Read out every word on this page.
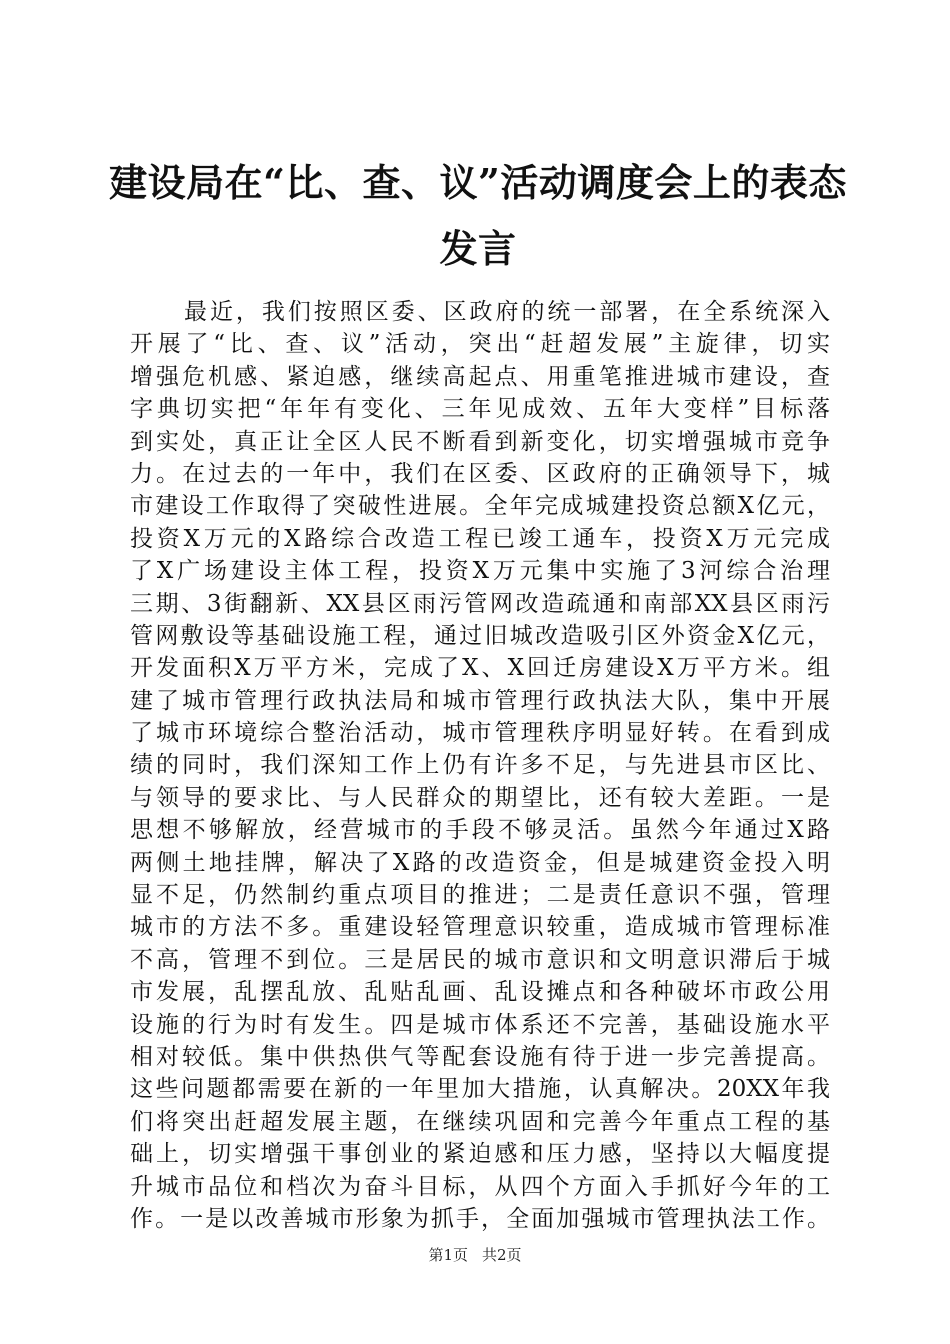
建设局在“比、查、议”活动调度会上的表态
发言
最近，我们按照区委、区政府的统一部署，在全系统深入
开展了“比、查、议”活动，突出“赶超发展”主旋律，切实
增强危机感、紧迫感，继续高起点、用重笔推进城市建设，查
字典切实把“年年有变化、三年见成效、五年大变样”目标落
到实处，真正让全区人民不断看到新变化，切实增强城市竞争
力。在过去的一年中，我们在区委、区政府的正确领导下，城
市建设工作取得了突破性进展。全年完成城建投资总额X亿元，
投资X万元的X路综合改造工程已竣工通车，投资X万元完成
了X广场建设主体工程，投资X万元集中实施了3河综合治理
三期、3街翻新、XX县区雨污管网改造疏通和南部XX县区雨污
管网敷设等基础设施工程，通过旧城改造吸引区外资金X亿元，
开发面积X万平方米，完成了X、X回迁房建设X万平方米。组
建了城市管理行政执法局和城市管理行政执法大队，集中开展
了城市环境综合整治活动，城市管理秩序明显好转。在看到成
绩的同时，我们深知工作上仍有许多不足，与先进县市区比、
与领导的要求比、与人民群众的期望比，还有较大差距。一是
思想不够解放，经营城市的手段不够灵活。虽然今年通过X路
两侧土地挂牌，解决了X路的改造资金，但是城建资金投入明
显不足，仍然制约重点项目的推进；二是责任意识不强，管理
城市的方法不多。重建设轻管理意识较重，造成城市管理标准
不高，管理不到位。三是居民的城市意识和文明意识滞后于城
市发展，乱摆乱放、乱贴乱画、乱设摊点和各种破坏市政公用
设施的行为时有发生。四是城市体系还不完善，基础设施水平
相对较低。集中供热供气等配套设施有待于进一步完善提高。
这些问题都需要在新的一年里加大措施，认真解决。20XX年我
们将突出赶超发展主题，在继续巩固和完善今年重点工程的基
础上，切实增强干事创业的紧迫感和压力感，坚持以大幅度提
升城市品位和档次为奋斗目标，从四个方面入手抓好今年的工
作。一是以改善城市形象为抓手，全面加强城市管理执法工作。
第1页 共2页
